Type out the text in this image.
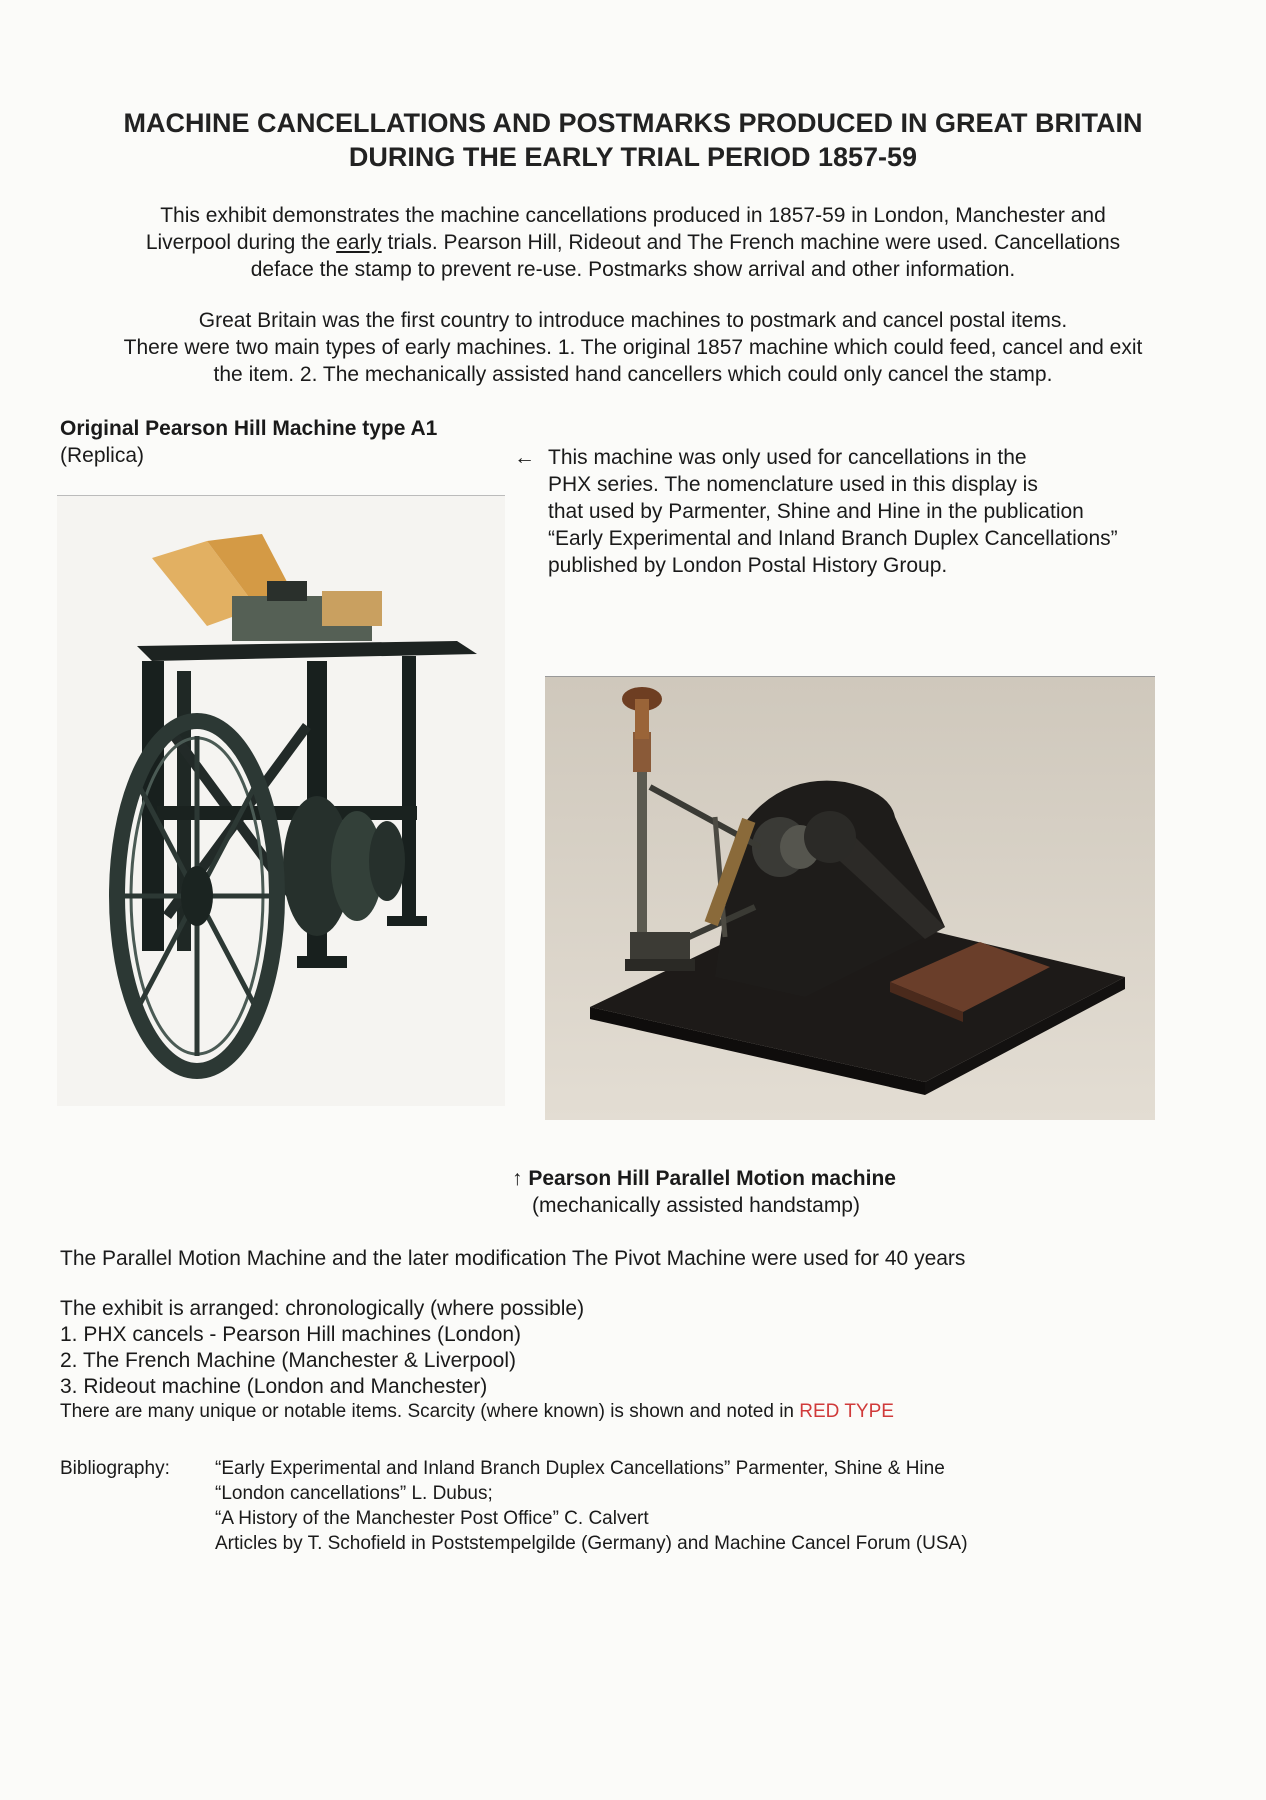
MACHINE CANCELLATIONS AND POSTMARKS PRODUCED IN GREAT BRITAIN
DURING THE EARLY TRIAL PERIOD 1857-59
This exhibit demonstrates the machine cancellations produced in 1857-59 in London, Manchester and
Liverpool during the early trials. Pearson Hill, Rideout and The French machine were used. Cancellations
deface the stamp to prevent re-use. Postmarks show arrival and other information.
Great Britain was the first country to introduce machines to postmark and cancel postal items.
There were two main types of early machines. 1. The original 1857 machine which could feed, cancel and exit
the item. 2. The mechanically assisted hand cancellers which could only cancel the stamp.
Original Pearson Hill Machine type A1
(Replica)	← This machine was only used for cancellations in the
PHX series. The nomenclature used in this display is
that used by Parmenter, Shine and Hine in the publication
“Early Experimental and Inland Branch Duplex Cancellations”
published by London Postal History Group.
↑ Pearson Hill Parallel Motion machine
(mechanically assisted handstamp)
The Parallel Motion Machine and the later modification The Pivot Machine were used for 40 years
The exhibit is arranged: chronologically (where possible)
1. PHX cancels - Pearson Hill machines (London)
2. The French Machine (Manchester & Liverpool)
3. Rideout machine (London and Manchester)
There are many unique or notable items. Scarcity (where known) is shown and noted in RED TYPE
Bibliography:	“Early Experimental and Inland Branch Duplex Cancellations” Parmenter, Shine & Hine
“London cancellations” L. Dubus;
“A History of the Manchester Post Office” C. Calvert
Articles by T. Schofield in Poststempelgilde (Germany) and Machine Cancel Forum (USA)
